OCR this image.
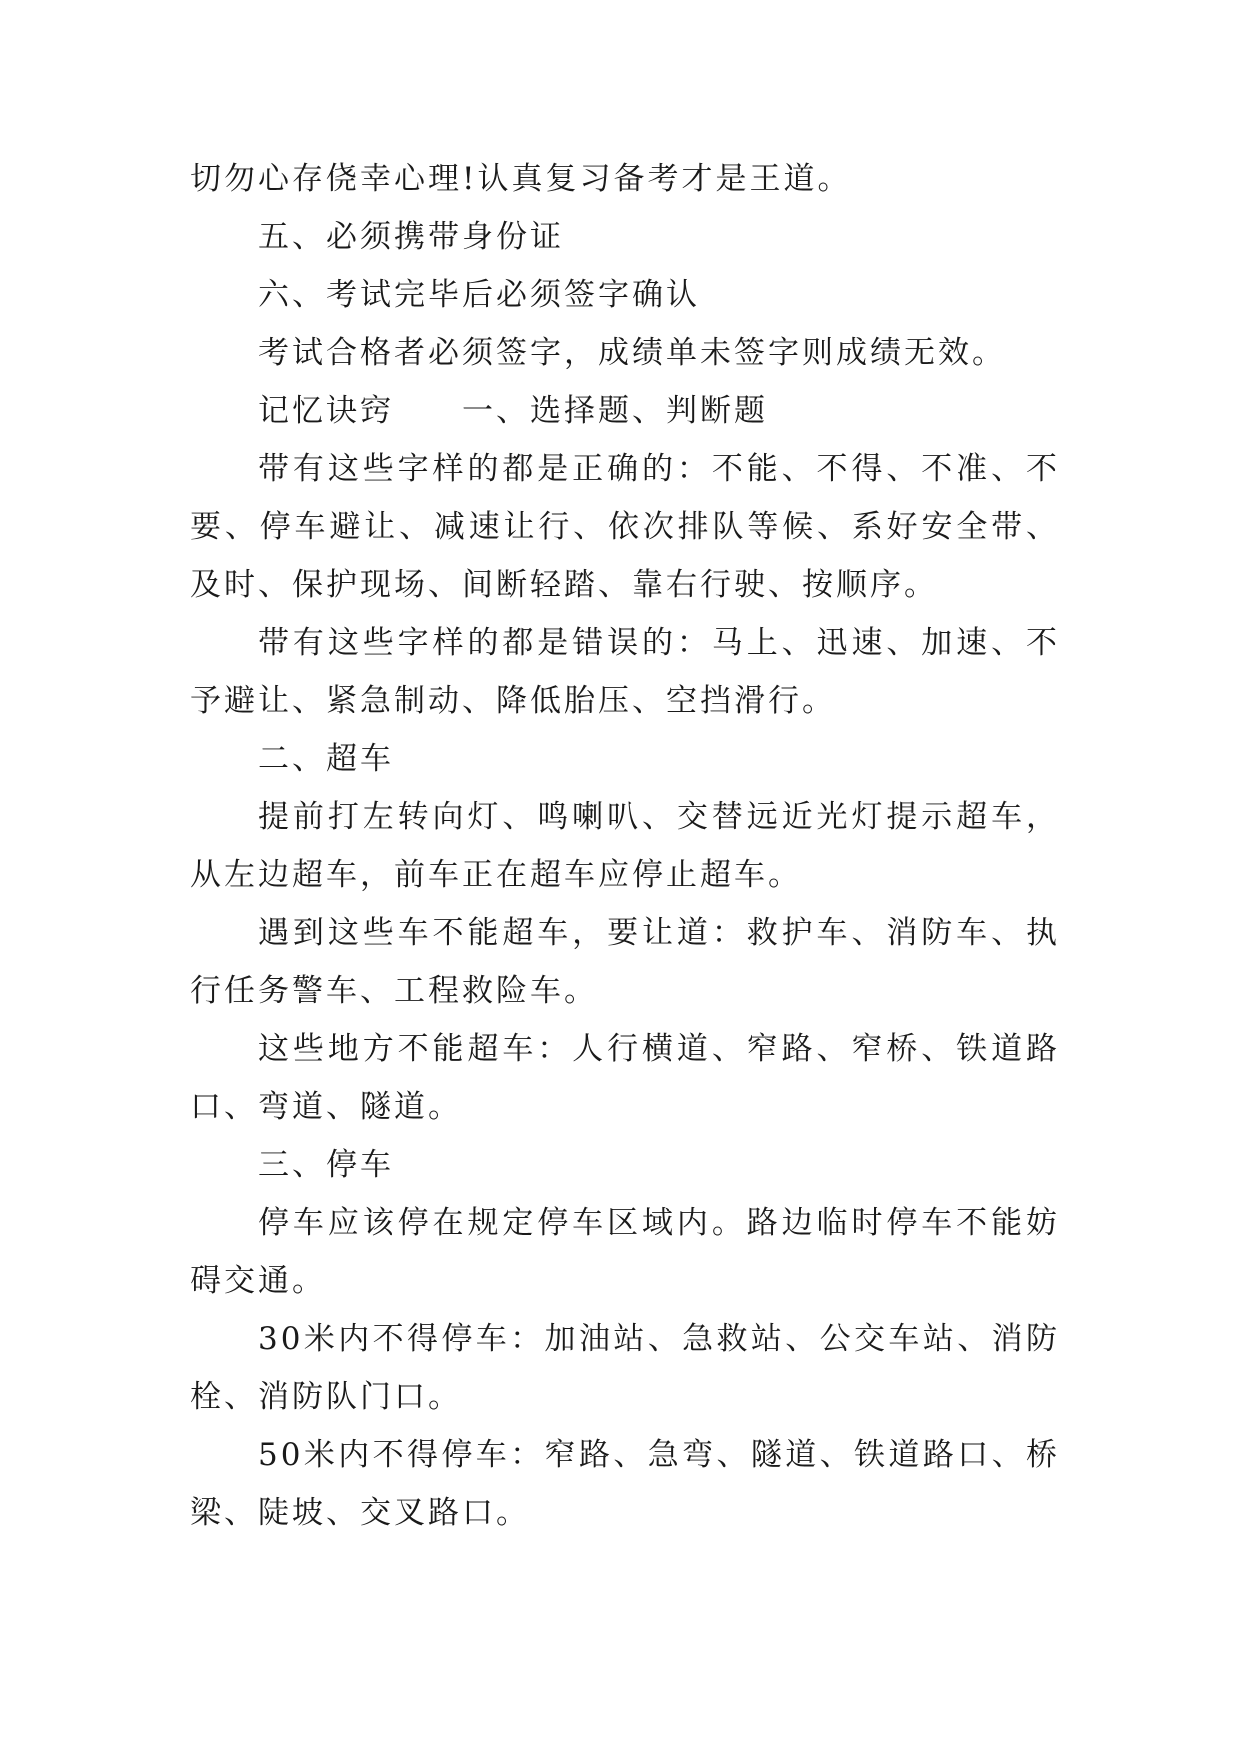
切勿心存侥幸心理!认真复习备考才是王道。

五、必须携带身份证

六、考试完毕后必须签字确认

考试合格者必须签字，成绩单未签字则成绩无效。

记忆诀窍　　一、选择题、判断题

带有这些字样的都是正确的：不能、不得、不准、不要、停车避让、减速让行、依次排队等候、系好安全带、及时、保护现场、间断轻踏、靠右行驶、按顺序。

带有这些字样的都是错误的：马上、迅速、加速、不予避让、紧急制动、降低胎压、空挡滑行。

二、超车

提前打左转向灯、鸣喇叭、交替远近光灯提示超车，从左边超车，前车正在超车应停止超车。

遇到这些车不能超车，要让道：救护车、消防车、执行任务警车、工程救险车。

这些地方不能超车：人行横道、窄路、窄桥、铁道路口、弯道、隧道。

三、停车

停车应该停在规定停车区域内。路边临时停车不能妨碍交通。

30米内不得停车：加油站、急救站、公交车站、消防栓、消防队门口。

50米内不得停车：窄路、急弯、隧道、铁道路口、桥梁、陡坡、交叉路口。
